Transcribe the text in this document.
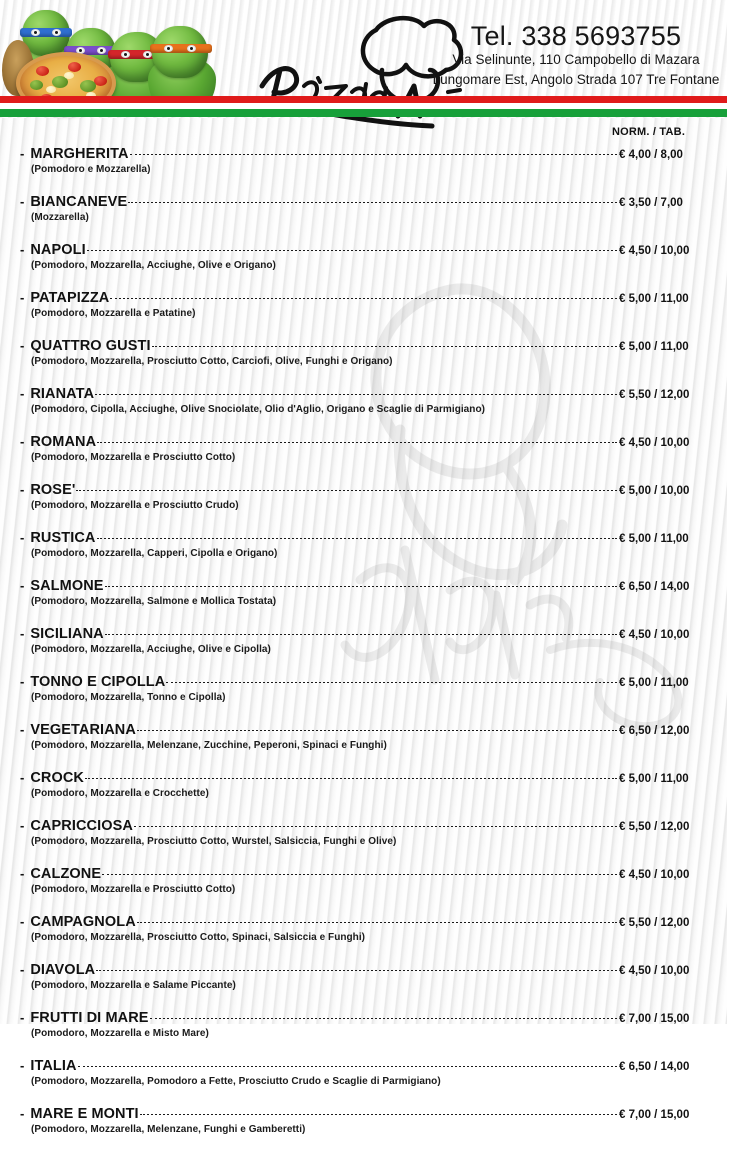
Tel. 338 5693755
Via Selinunte, 110 Campobello di Mazara
Lungomare Est, Angolo Strada 107 Tre Fontane
NORM. / TAB.
- MARGHERITA	€ 4,00 / 8,00
(Pomodoro e Mozzarella)
- BIANCANEVE	€ 3,50 / 7,00
(Mozzarella)
- NAPOLI	€ 4,50 / 10,00
(Pomodoro, Mozzarella, Acciughe, Olive e Origano)
- PATAPIZZA	€ 5,00 / 11,00
(Pomodoro, Mozzarella e Patatine)
- QUATTRO GUSTI	€ 5,00 / 11,00
(Pomodoro, Mozzarella, Prosciutto Cotto, Carciofi, Olive, Funghi e Origano)
- RIANATA	€ 5,50 / 12,00
(Pomodoro, Cipolla, Acciughe, Olive Snociolate, Olio d'Aglio, Origano e Scaglie di Parmigiano)
- ROMANA	€ 4,50 / 10,00
(Pomodoro, Mozzarella e Prosciutto Cotto)
- ROSE'	€ 5,00 / 10,00
(Pomodoro, Mozzarella e Prosciutto Crudo)
- RUSTICA	€ 5,00 / 11,00
(Pomodoro, Mozzarella, Capperi, Cipolla e Origano)
- SALMONE	€ 6,50 / 14,00
(Pomodoro, Mozzarella, Salmone e Mollica Tostata)
- SICILIANA	€ 4,50 / 10,00
(Pomodoro, Mozzarella, Acciughe, Olive e Cipolla)
- TONNO E CIPOLLA	€ 5,00 / 11,00
(Pomodoro, Mozzarella, Tonno e Cipolla)
- VEGETARIANA	€ 6,50 / 12,00
(Pomodoro, Mozzarella, Melenzane, Zucchine, Peperoni, Spinaci e Funghi)
- CROCK	€ 5,00 / 11,00
(Pomodoro, Mozzarella e Crocchette)
- CAPRICCIOSA	€ 5,50 / 12,00
(Pomodoro, Mozzarella, Prosciutto Cotto, Wurstel, Salsiccia, Funghi e Olive)
- CALZONE	€ 4,50 / 10,00
(Pomodoro, Mozzarella e Prosciutto Cotto)
- CAMPAGNOLA	€ 5,50 / 12,00
(Pomodoro, Mozzarella, Prosciutto Cotto, Spinaci, Salsiccia e Funghi)
- DIAVOLA	€ 4,50 / 10,00
(Pomodoro, Mozzarella e Salame Piccante)
- FRUTTI DI MARE	€ 7,00 / 15,00
(Pomodoro, Mozzarella e Misto Mare)
- ITALIA	€ 6,50 / 14,00
(Pomodoro, Mozzarella, Pomodoro a Fette, Prosciutto Crudo e Scaglie di Parmigiano)
- MARE E MONTI	€ 7,00 / 15,00
(Pomodoro, Mozzarella, Melenzane, Funghi e Gamberetti)
